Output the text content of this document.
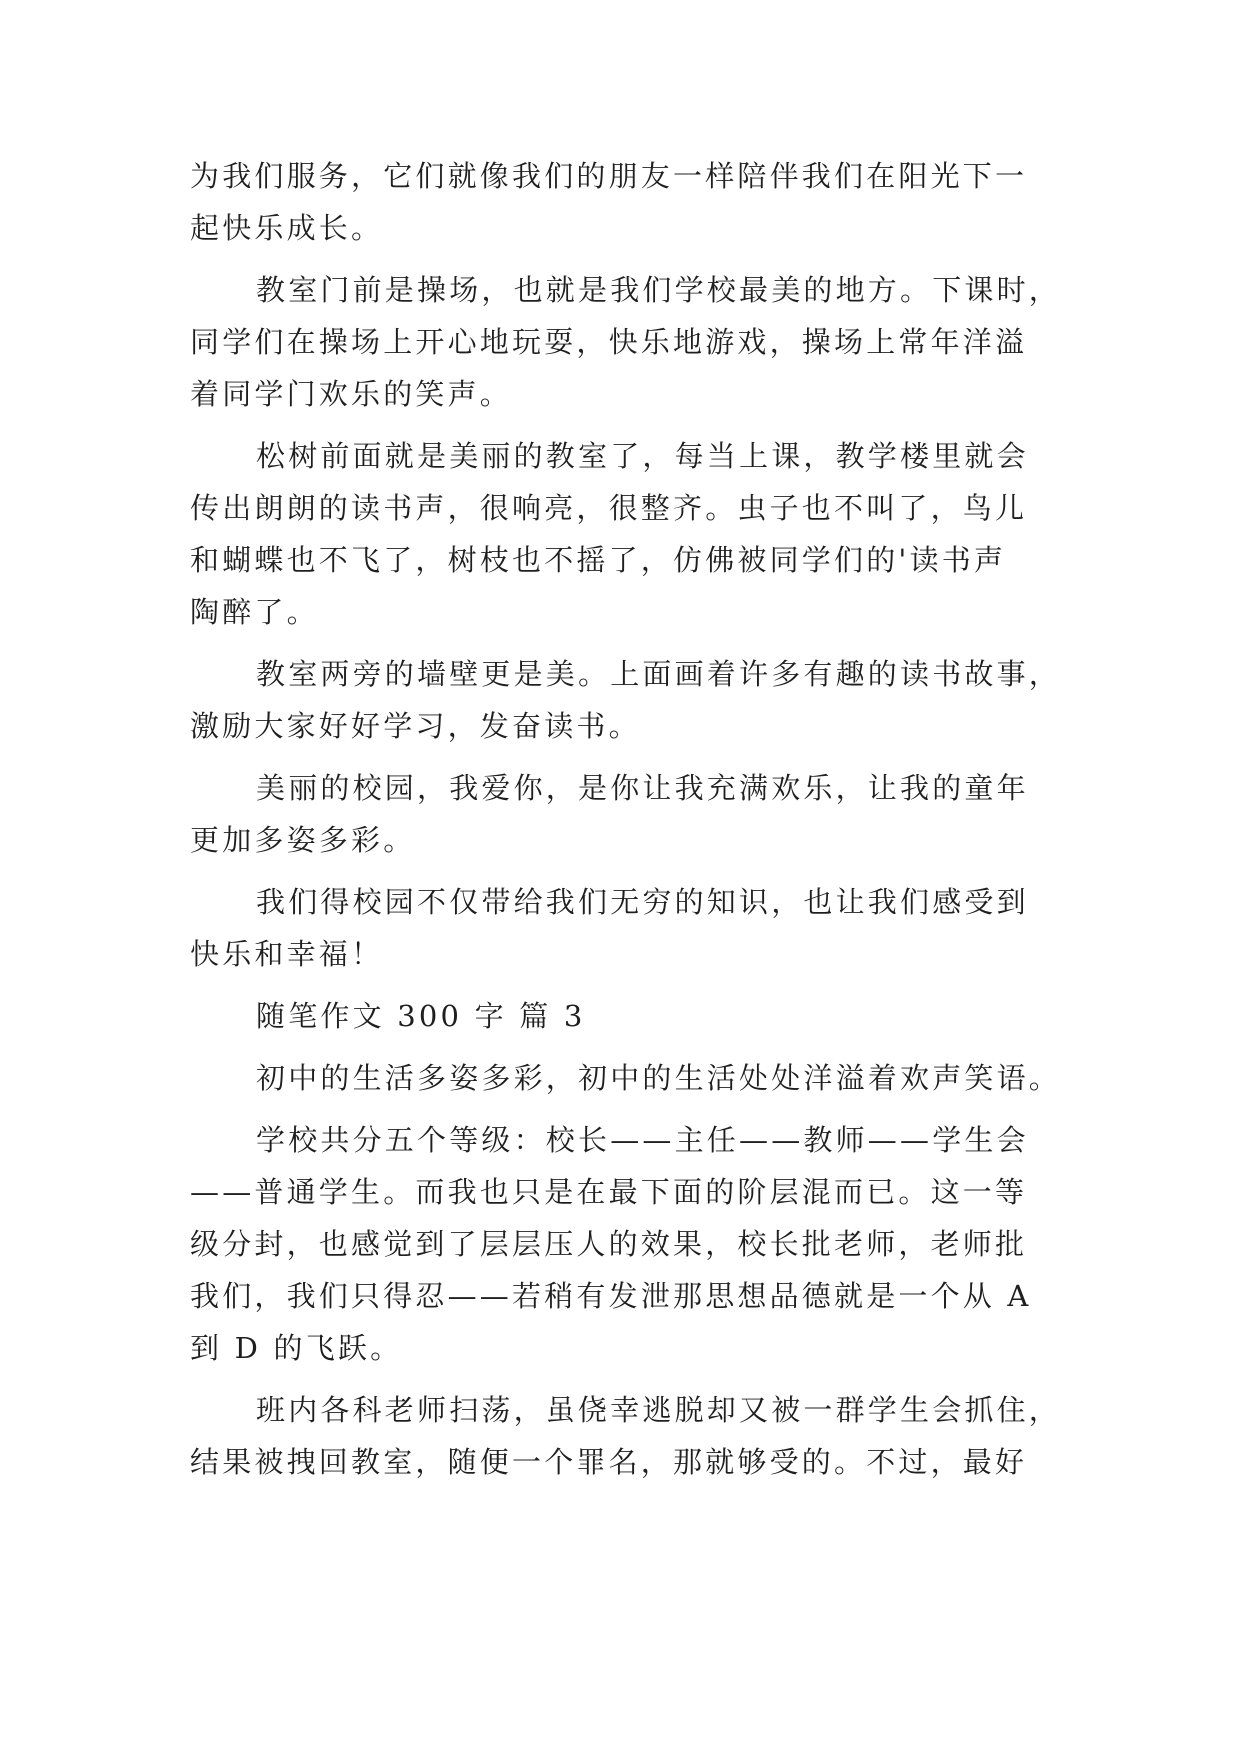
为我们服务，它们就像我们的朋友一样陪伴我们在阳光下一
起快乐成长。
教室门前是操场，也就是我们学校最美的地方。下课时，
同学们在操场上开心地玩耍，快乐地游戏，操场上常年洋溢
着同学门欢乐的笑声。
松树前面就是美丽的教室了，每当上课，教学楼里就会
传出朗朗的读书声，很响亮，很整齐。虫子也不叫了，鸟儿
和蝴蝶也不飞了，树枝也不摇了，仿佛被同学们的'读书声
陶醉了。
教室两旁的墙壁更是美。上面画着许多有趣的读书故事，
激励大家好好学习，发奋读书。
美丽的校园，我爱你，是你让我充满欢乐，让我的童年
更加多姿多彩。
我们得校园不仅带给我们无穷的知识，也让我们感受到
快乐和幸福！
随笔作文 300 字 篇 3
初中的生活多姿多彩，初中的生活处处洋溢着欢声笑语。
学校共分五个等级：校长——主任——教师——学生会
——普通学生。而我也只是在最下面的阶层混而已。这一等
级分封，也感觉到了层层压人的效果，校长批老师，老师批
我们，我们只得忍——若稍有发泄那思想品德就是一个从 A
到 D 的飞跃。
班内各科老师扫荡，虽侥幸逃脱却又被一群学生会抓住，
结果被拽回教室，随便一个罪名，那就够受的。不过，最好
